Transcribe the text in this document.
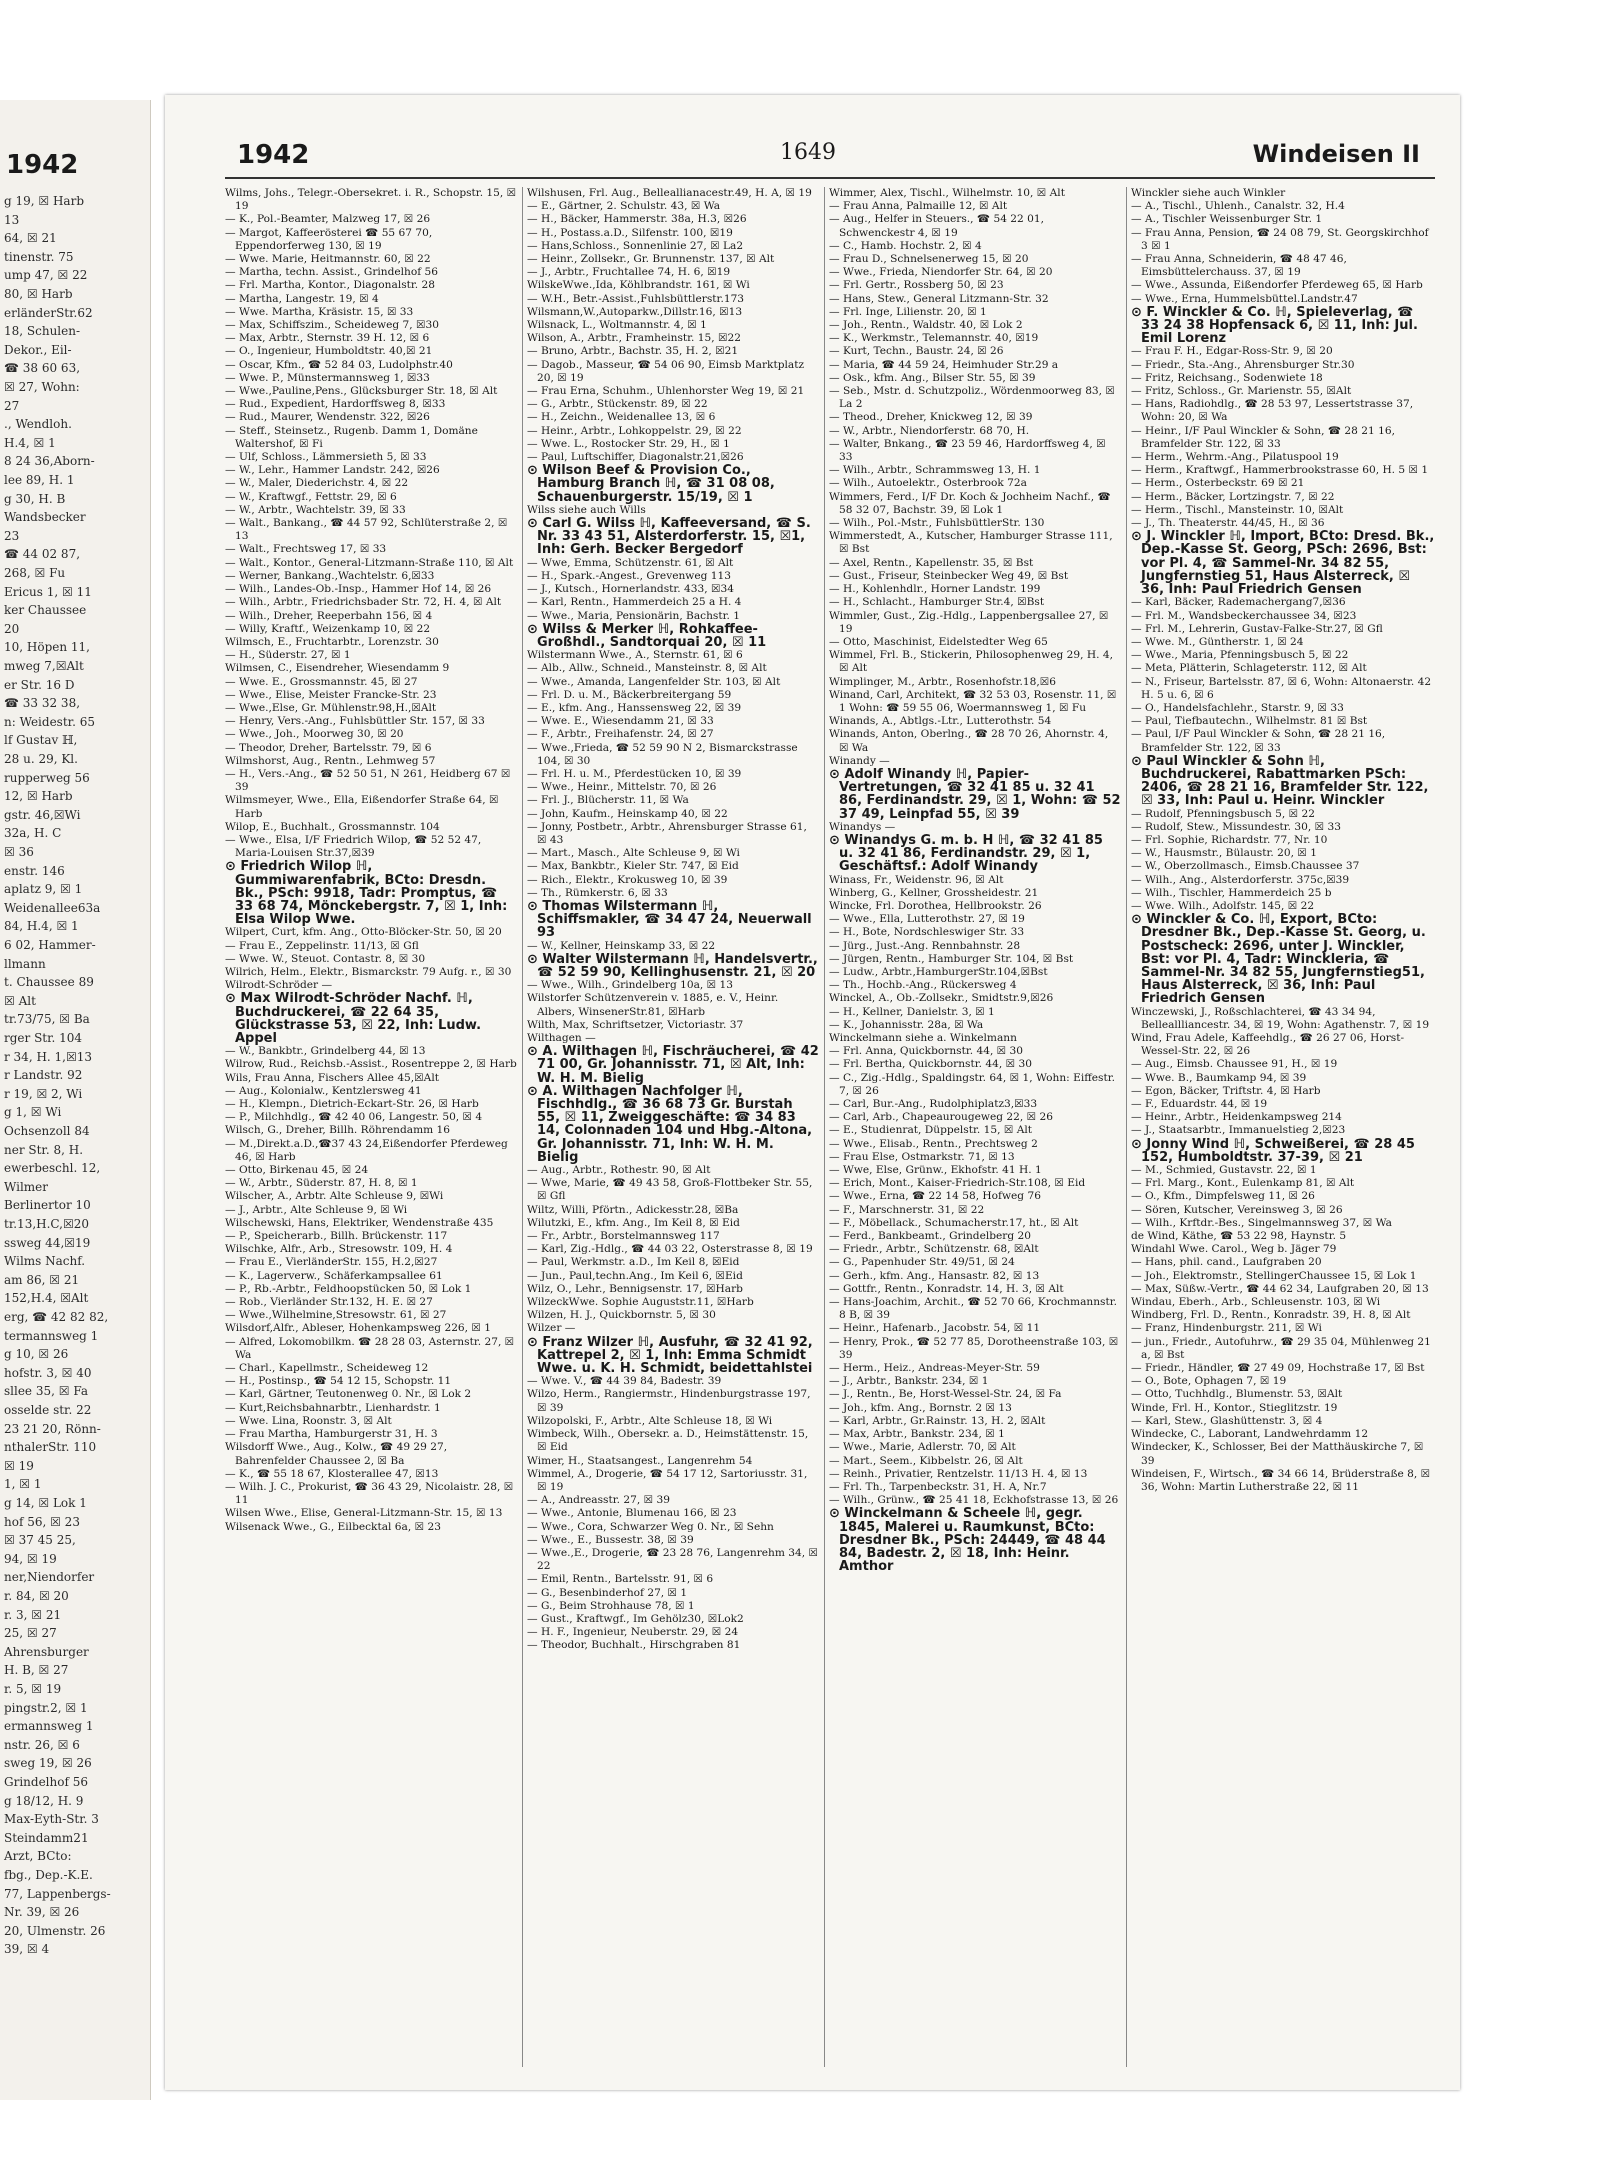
1942
g 19, ☒ Harb
13
64, ☒ 21
tinenstr. 75
ump 47, ☒ 22
80, ☒ Harb
erländerStr.62
18, Schulen-
Dekor., Eil-
☎ 38 60 63,
☒ 27, Wohn:
27
., Wendloh.
H.4, ☒ 1
8 24 36,Aborn-
lee 89, H. 1
g 30, H. B
Wandsbecker
23
☎ 44 02 87,
268, ☒ Fu
Ericus 1, ☒ 11
ker Chaussee
20
10, Höpen 11,
mweg 7,☒Alt
er Str. 16 D
☎ 33 32 38,
n: Weidestr. 65
lf Gustav ℍ,
28 u. 29, Kl.
rupperweg 56
12, ☒ Harb
gstr. 46,☒Wi
32a, H. C
☒ 36
enstr. 146
aplatz 9, ☒ 1
Weidenallee63a
84, H.4, ☒ 1
6 02, Hammer-
llmann
t. Chaussee 89
☒ Alt
tr.73/75, ☒ Ba
rger Str. 104
r 34, H. 1,☒13
r Landstr. 92
r 19, ☒ 2, Wi
g 1, ☒ Wi
Ochsenzoll 84
ner Str. 8, H.
ewerbeschl. 12,
Wilmer
Berlinertor 10
tr.13,H.C,☒20
ssweg 44,☒19
Wilms Nachf.
am 86, ☒ 21
152,H.4, ☒Alt
erg, ☎ 42 82 82,
termannsweg 1
g 10, ☒ 26
hofstr. 3, ☒ 40
sllee 35, ☒ Fa
osselde str. 22
23 21 20, Rönn-
nthalerStr. 110
☒ 19
1, ☒ 1
g 14, ☒ Lok 1
hof 56, ☒ 23
☒ 37 45 25,
94, ☒ 19
ner,Niendorfer
r. 84, ☒ 20
r. 3, ☒ 21
25, ☒ 27
Ahrensburger
H. B, ☒ 27
r. 5, ☒ 19
pingstr.2, ☒ 1
ermannsweg 1
nstr. 26, ☒ 6
sweg 19, ☒ 26
Grindelhof 56
g 18/12, H. 9
Max-Eyth-Str. 3
Steindamm21
Arzt, BCto:
fbg., Dep.-K.E.
77, Lappenbergs-
Nr. 39, ☒ 26
20, Ulmenstr. 26
39, ☒ 4
1942	1649	Windeisen II

Wilms, Johs., Telegr.-Obersekret. i. R., Schopstr. 15, ☒ 19

— K., Pol.-Beamter, Malzweg 17, ☒ 26

— Margot, Kaffeerösterei ☎ 55 67 70, Eppendorferweg 130, ☒ 19

— Wwe. Marie, Heitmannstr. 60, ☒ 22

— Martha, techn. Assist., Grindelhof 56

— Frl. Martha, Kontor., Diagonalstr. 28

— Martha, Langestr. 19, ☒ 4

— Wwe. Martha, Kräsistr. 15, ☒ 33

— Max, Schiffszim., Scheideweg 7, ☒30

— Max, Arbtr., Sternstr. 39 H. 12, ☒ 6

— O., Ingenieur, Humboldtstr. 40,☒ 21

— Oscar, Kfm., ☎ 52 84 03, Ludolphstr.40

— Wwe. P., Münstermannsweg 1, ☒33

— Wwe.,Pauline,Pens., Glücksburger Str. 18, ☒ Alt

— Rud., Expedient, Hardorffsweg 8, ☒33

— Rud., Maurer, Wendenstr. 322, ☒26

— Steff., Steinsetz., Rugenb. Damm 1, Domäne Waltershof, ☒ Fi

— Ulf, Schloss., Lämmersieth 5, ☒ 33

— W., Lehr., Hammer Landstr. 242, ☒26

— W., Maler, Diederichstr. 4, ☒ 22

— W., Kraftwgf., Fettstr. 29, ☒ 6

— W., Arbtr., Wachtelstr. 39, ☒ 33

— Walt., Bankang., ☎ 44 57 92, Schlüterstraße 2, ☒ 13

— Walt., Frechtsweg 17, ☒ 33

— Walt., Kontor., General-Litzmann-Straße 110, ☒ Alt

— Werner, Bankang.,Wachtelstr. 6,☒33

— Wilh., Landes-Ob.-Insp., Hammer Hof 14, ☒ 26

— Wilh., Arbtr., Friedrichsbader Str. 72, H. 4, ☒ Alt

— Wilh., Dreher, Reeperbahn 156, ☒ 4

— Willy, Kraftf., Weizenkamp 10, ☒ 22

Wilmsch, E., Fruchtarbtr., Lorenzstr. 30

— H., Süderstr. 27, ☒ 1

Wilmsen, C., Eisendreher, Wiesendamm 9

— Wwe. E., Grossmannstr. 45, ☒ 27

— Wwe., Elise, Meister Francke-Str. 23

— Wwe.,Else, Gr. Mühlenstr.98,H.,☒Alt

— Henry, Vers.-Ang., Fuhlsbüttler Str. 157, ☒ 33

— Wwe., Joh., Moorweg 30, ☒ 20

— Theodor, Dreher, Bartelsstr. 79, ☒ 6

Wilmshorst, Aug., Rentn., Lehmweg 57

— H., Vers.-Ang., ☎ 52 50 51, N 261, Heidberg 67 ☒ 39

Wilmsmeyer, Wwe., Ella, Eißendorfer Straße 64, ☒ Harb

Wilop, E., Buchhalt., Grossmannstr. 104

— Wwe., Elsa, I/F Friedrich Wilop, ☎ 52 52 47, Maria-Louisen Str.37,☒39

⊙ Friedrich Wilop ℍ, Gummiwarenfabrik, BCto: Dresdn. Bk., PSch: 9918, Tadr: Promptus, ☎ 33 68 74, Mönckebergstr. 7, ☒ 1, Inh: Elsa Wilop Wwe.

Wilpert, Curt, kfm. Ang., Otto-Blöcker-Str. 50, ☒ 20

— Frau E., Zeppelinstr. 11/13, ☒ Gfl

— Wwe. W., Steuot. Contastr. 8, ☒ 30

Wilrich, Helm., Elektr., Bismarckstr. 79 Aufg. r., ☒ 30

Wilrodt-Schröder —

⊙ Max Wilrodt-Schröder Nachf. ℍ, Buchdruckerei, ☎ 22 64 35, Glückstrasse 53, ☒ 22, Inh: Ludw. Appel

— W., Bankbtr., Grindelberg 44, ☒ 13

Wilrow, Rud., Reichsb.-Assist., Rosentreppe 2, ☒ Harb

Wils, Frau Anna, Fischers Allee 45,☒Alt

— Aug., Kolonialw., Kentzlersweg 41

— H., Klempn., Dietrich-Eckart-Str. 26, ☒ Harb

— P., Milchhdlg., ☎ 42 40 06, Langestr. 50, ☒ 4

Wilsch, G., Dreher, Billh. Röhrendamm 16

— M.,Direkt.a.D.,☎37 43 24,Eißendorfer Pferdeweg 46, ☒ Harb

— Otto, Birkenau 45, ☒ 24

— W., Arbtr., Süderstr. 87, H. 8, ☒ 1

Wilscher, A., Arbtr. Alte Schleuse 9, ☒Wi

— J., Arbtr., Alte Schleuse 9, ☒ Wi

Wilschewski, Hans, Elektriker, Wendenstraße 435

— P., Speicherarb., Billh. Brückenstr. 117

Wilschke, Alfr., Arb., Stresowstr. 109, H. 4

— Frau E., VierländerStr. 155, H.2,☒27

— K., Lagerverw., Schäferkampsallee 61

— P., Rb.-Arbtr., Feldhoopstücken 50, ☒ Lok 1

— Rob., Vierländer Str.132, H. E. ☒ 27

— Wwe.,Wilhelmine,Stresowstr. 61, ☒ 27

Wilsdorf,Alfr., Ableser, Hohenkampsweg 226, ☒ 1

— Alfred, Lokomobilkm. ☎ 28 28 03, Asternstr. 27, ☒ Wa

— Charl., Kapellmstr., Scheideweg 12

— H., Postinsp., ☎ 54 12 15, Schopstr. 11

— Karl, Gärtner, Teutonenweg 0. Nr., ☒ Lok 2

— Kurt,Reichsbahnarbtr., Lienhardstr. 1

— Wwe. Lina, Roonstr. 3, ☒ Alt

— Frau Martha, Hamburgerstr 31, H. 3

Wilsdorff Wwe., Aug., Kolw., ☎ 49 29 27, Bahrenfelder Chaussee 2, ☒ Ba

— K., ☎ 55 18 67, Klosterallee 47, ☒13

— Wilh. J. C., Prokurist, ☎ 36 43 29, Nicolaistr. 28, ☒ 11

Wilsen Wwe., Elise, General-Litzmann-Str. 15, ☒ 13

Wilsenack Wwe., G., Eilbecktal 6a, ☒ 23

Wilshusen, Frl. Aug., Belleallianacestr.49, H. A, ☒ 19

— E., Gärtner, 2. Schulstr. 43, ☒ Wa

— H., Bäcker, Hammerstr. 38a, H.3, ☒26

— H., Postass.a.D., Silfenstr. 100, ☒19

— Hans,Schloss., Sonnenlinie 27, ☒ La2

— Heinr., Zollsekr., Gr. Brunnenstr. 137, ☒ Alt

— J., Arbtr., Fruchtallee 74, H. 6, ☒19

WilskeWwe.,Ida, Köhlbrandstr. 161, ☒ Wi

— W.H., Betr.-Assist.,Fuhlsbüttlerstr.173

Wilsmann,W.,Autoparkw.,Dillstr.16, ☒13

Wilsnack, L., Woltmannstr. 4, ☒ 1

Wilson, A., Arbtr., Framheinstr. 15, ☒22

— Bruno, Arbtr., Bachstr. 35, H. 2, ☒21

— Dagob., Masseur, ☎ 54 06 90, Eimsb Marktplatz 20, ☒ 19

— Frau Erna, Schuhm., Uhlenhorster Weg 19, ☒ 21

— G., Arbtr., Stückenstr. 89, ☒ 22

— H., Zeichn., Weidenallee 13, ☒ 6

— Heinr., Arbtr., Lohkoppelstr. 29, ☒ 22

— Wwe. L., Rostocker Str. 29, H., ☒ 1

— Paul, Luftschiffer, Diagonalstr.21,☒26

⊙ Wilson Beef & Provision Co., Hamburg Branch ℍ, ☎ 31 08 08, Schauenburgerstr. 15/19, ☒ 1

Wilss siehe auch Wills

⊙ Carl G. Wilss ℍ, Kaffeeversand, ☎ S. Nr. 33 43 51, Alsterdorferstr. 15, ☒1, Inh: Gerh. Becker Bergedorf

— Wwe, Emma, Schützenstr. 61, ☒ Alt

— H., Spark.-Angest., Grevenweg 113

— J., Kutsch., Hornerlandstr. 433, ☒34

— Karl, Rentn., Hammerdeich 25 a H. 4

— Wwe., Maria, Pensionärin, Bachstr. 1

⊙ Wilss & Merker ℍ, Rohkaffee-Großhdl., Sandtorquai 20, ☒ 11

Wilstermann Wwe., A., Sternstr. 61, ☒ 6

— Alb., Allw., Schneid., Mansteinstr. 8, ☒ Alt

— Wwe., Amanda, Langenfelder Str. 103, ☒ Alt

— Frl. D. u. M., Bäckerbreitergang 59

— E., kfm. Ang., Hanssensweg 22, ☒ 39

— Wwe. E., Wiesendamm 21, ☒ 33

— F., Arbtr., Freihafenstr. 24, ☒ 27

— Wwe.,Frieda, ☎ 52 59 90 N 2, Bismarckstrasse 104, ☒ 30

— Frl. H. u. M., Pferdestücken 10, ☒ 39

— Wwe., Heinr., Mittelstr. 70, ☒ 26

— Frl. J., Blücherstr. 11, ☒ Wa

— John, Kaufm., Heinskamp 40, ☒ 22

— Jonny, Postbetr., Arbtr., Ahrensburger Strasse 61, ☒ 43

— Mart., Masch., Alte Schleuse 9, ☒ Wi

— Max, Bankbtr., Kieler Str. 747, ☒ Eid

— Rich., Elektr., Krokusweg 10, ☒ 39

— Th., Rümkerstr. 6, ☒ 33

⊙ Thomas Wilstermann ℍ, Schiffsmakler, ☎ 34 47 24, Neuerwall 93

— W., Kellner, Heinskamp 33, ☒ 22

⊙ Walter Wilstermann ℍ, Handelsvertr., ☎ 52 59 90, Kellinghusenstr. 21, ☒ 20

— Wwe., Wilh., Grindelberg 10a, ☒ 13

Wilstorfer Schützenverein v. 1885, e. V., Heinr. Albers, WinsenerStr.81, ☒Harb

Wilth, Max, Schriftsetzer, Victoriastr. 37

Wilthagen —

⊙ A. Wilthagen ℍ, Fischräucherei, ☎ 42 71 00, Gr. Johannisstr. 71, ☒ Alt, Inh: W. H. M. Bielig

⊙ A. Wilthagen Nachfolger ℍ, Fischhdlg., ☎ 36 68 73 Gr. Burstah 55, ☒ 11, Zweiggeschäfte: ☎ 34 83 14, Colonnaden 104 und Hbg.-Altona, Gr. Johannisstr. 71, Inh: W. H. M. Bielig

— Aug., Arbtr., Rothestr. 90, ☒ Alt

— Wwe, Marie, ☎ 49 43 58, Groß-Flottbeker Str. 55, ☒ Gfl

Wiltz, Willi, Pförtn., Adickesstr.28, ☒Ba

Wilutzki, E., kfm. Ang., Im Keil 8, ☒ Eid

— Fr., Arbtr., Borstelmannsweg 117

— Karl, Zig.-Hdlg., ☎ 44 03 22, Osterstrasse 8, ☒ 19

— Paul, Werkmstr. a.D., Im Keil 8, ☒Eid

— Jun., Paul,techn.Ang., Im Keil 6, ☒Eid

Wilz, O., Lehr., Bennigsenstr. 17, ☒Harb

WilzeckWwe. Sophie Auguststr.11, ☒Harb

Wilzen, H. J., Quickbornstr. 5, ☒ 30

Wilzer —

⊙ Franz Wilzer ℍ, Ausfuhr, ☎ 32 41 92, Kattrepel 2, ☒ 1, Inh: Emma Schmidt Wwe. u. K. H. Schmidt, beidettahlstei

— Wwe. V., ☎ 44 39 84, Badestr. 39

Wilzo, Herm., Rangiermstr., Hindenburgstrasse 197, ☒ 39

Wilzopolski, F., Arbtr., Alte Schleuse 18, ☒ Wi

Wimbeck, Wilh., Obersekr. a. D., Heimstättenstr. 15, ☒ Eid

Wimer, H., Staatsangest., Langenrehm 54

Wimmel, A., Drogerie, ☎ 54 17 12, Sartoriusstr. 31, ☒ 19

— A., Andreasstr. 27, ☒ 39

— Wwe., Antonie, Blumenau 166, ☒ 23

— Wwe., Cora, Schwarzer Weg 0. Nr., ☒ Sehn

— Wwe., E., Bussestr. 38, ☒ 39

— Wwe.,E., Drogerie, ☎ 23 28 76, Langenrehm 34, ☒ 22

— Emil, Rentn., Bartelsstr. 91, ☒ 6

— G., Besenbinderhof 27, ☒ 1

— G., Beim Strohhause 78, ☒ 1

— Gust., Kraftwgf., Im Gehölz30, ☒Lok2

— H. F., Ingenieur, Neuberstr. 29, ☒ 24

— Theodor, Buchhalt., Hirschgraben 81

Wimmer, Alex, Tischl., Wilhelmstr. 10, ☒ Alt

— Frau Anna, Palmaille 12, ☒ Alt

— Aug., Helfer in Steuers., ☎ 54 22 01, Schwenckestr 4, ☒ 19

— C., Hamb. Hochstr. 2, ☒ 4

— Frau D., Schnelsenerweg 15, ☒ 20

— Wwe., Frieda, Niendorfer Str. 64, ☒ 20

— Frl. Gertr., Rossberg 50, ☒ 23

— Hans, Stew., General Litzmann-Str. 32

— Frl. Inge, Lilienstr. 20, ☒ 1

— Joh., Rentn., Waldstr. 40, ☒ Lok 2

— K., Werkmstr., Telemannstr. 40, ☒19

— Kurt, Techn., Baustr. 24, ☒ 26

— Maria, ☎ 44 59 24, Heimhuder Str.29 a

— Osk., kfm. Ang., Bilser Str. 55, ☒ 39

— Seb., Mstr. d. Schutzpoliz., Wördenmoorweg 83, ☒ La 2

— Theod., Dreher, Knickweg 12, ☒ 39

— W., Arbtr., Niendorferstr. 68 70, H.

— Walter, Bnkang., ☎ 23 59 46, Hardorffsweg 4, ☒ 33

— Wilh., Arbtr., Schrammsweg 13, H. 1

— Wilh., Autoelektr., Osterbrook 72a

Wimmers, Ferd., I/F Dr. Koch & Jochheim Nachf., ☎ 58 32 07, Bachstr. 39, ☒ Lok 1

— Wilh., Pol.-Mstr., FuhlsbüttlerStr. 130

Wimmerstedt, A., Kutscher, Hamburger Strasse 111, ☒ Bst

— Axel, Rentn., Kapellenstr. 35, ☒ Bst

— Gust., Friseur, Steinbecker Weg 49, ☒ Bst

— H., Kohlenhdlr., Horner Landstr. 199

— H., Schlacht., Hamburger Str.4, ☒Bst

Wimmler, Gust., Zig.-Hdlg., Lappenbergsallee 27, ☒ 19

— Otto, Maschinist, Eidelstedter Weg 65

Wimmel, Frl. B., Stickerin, Philosophenweg 29, H. 4, ☒ Alt

Wimplinger, M., Arbtr., Rosenhofstr.18,☒6

Winand, Carl, Architekt, ☎ 32 53 03, Rosenstr. 11, ☒ 1 Wohn: ☎ 59 55 06, Woermannsweg 1, ☒ Fu

Winands, A., Abtlgs.-Ltr., Lutterothstr. 54

Winands, Anton, Oberlng., ☎ 28 70 26, Ahornstr. 4, ☒ Wa

Winandy —

⊙ Adolf Winandy ℍ, Papier-Vertretungen, ☎ 32 41 85 u. 32 41 86, Ferdinandstr. 29, ☒ 1, Wohn: ☎ 52 37 49, Leinpfad 55, ☒ 39

Winandys —

⊙ Winandys G. m. b. H ℍ, ☎ 32 41 85 u. 32 41 86, Ferdinandstr. 29, ☒ 1, Geschäftsf.: Adolf Winandy

Winass, Fr., Weidenstr. 96, ☒ Alt

Winberg, G., Kellner, Grossheidestr. 21

Wincke, Frl. Dorothea, Hellbrookstr. 26

— Wwe., Ella, Lutterothstr. 27, ☒ 19

— H., Bote, Nordschleswiger Str. 33

— Jürg., Just.-Ang. Rennbahnstr. 28

— Jürgen, Rentn., Hamburger Str. 104, ☒ Bst

— Ludw., Arbtr.,HamburgerStr.104,☒Bst

— Th., Hochb.-Ang., Rückersweg 4

Winckel, A., Ob.-Zollsekr., Smidtstr.9,☒26

— H., Kellner, Danielstr. 3, ☒ 1

— K., Johannisstr. 28a, ☒ Wa

Winckelmann siehe a. Winkelmann

— Frl. Anna, Quickbornstr. 44, ☒ 30

— Frl. Bertha, Quickbornstr. 44, ☒ 30

— C., Zig.-Hdlg., Spaldingstr. 64, ☒ 1, Wohn: Eiffestr. 7, ☒ 26

— Carl, Bur.-Ang., Rudolphiplatz3,☒33

— Carl, Arb., Chapeaurougeweg 22, ☒ 26

— E., Studienrat, Düppelstr. 15, ☒ Alt

— Wwe., Elisab., Rentn., Prechtsweg 2

— Frau Else, Ostmarkstr. 71, ☒ 13

— Wwe, Else, Grünw., Ekhofstr. 41 H. 1

— Erich, Mont., Kaiser-Friedrich-Str.108, ☒ Eid

— Wwe., Erna, ☎ 22 14 58, Hofweg 76

— F., Marschnerstr. 31, ☒ 22

— F., Möbellack., Schumacherstr.17, ht., ☒ Alt

— Ferd., Bankbeamt., Grindelberg 20

— Friedr., Arbtr., Schützenstr. 68, ☒Alt

— G., Papenhuder Str. 49/51, ☒ 24

— Gerh., kfm. Ang., Hansastr. 82, ☒ 13

— Gottfr., Rentn., Konradstr. 14, H. 3, ☒ Alt

— Hans-Joachim, Archit., ☎ 52 70 66, Krochmannstr. 8 B, ☒ 39

— Heinr., Hafenarb., Jacobstr. 54, ☒ 11

— Henry, Prok., ☎ 52 77 85, Dorotheenstraße 103, ☒ 39

— Herm., Heiz., Andreas-Meyer-Str. 59

— J., Arbtr., Bankstr. 234, ☒ 1

— J., Rentn., Be, Horst-Wessel-Str. 24, ☒ Fa

— Joh., kfm. Ang., Bornstr. 2 ☒ 13

— Karl, Arbtr., Gr.Rainstr. 13, H. 2, ☒Alt

— Max, Arbtr., Bankstr. 234, ☒ 1

— Wwe., Marie, Adlerstr. 70, ☒ Alt

— Mart., Seem., Kibbelstr. 26, ☒ Alt

— Reinh., Privatier, Rentzelstr. 11/13 H. 4, ☒ 13

— Frl. Th., Tarpenbeckstr. 31, H. A, Nr.7

— Wilh., Grünw., ☎ 25 41 18, Eckhofstrasse 13, ☒ 26

⊙ Winckelmann & Scheele ℍ, gegr. 1845, Malerei u. Raumkunst, BCto: Dresdner Bk., PSch: 24449, ☎ 48 44 84, Badestr. 2, ☒ 18, Inh: Heinr. Amthor

Winckler siehe auch Winkler

— A., Tischl., Uhlenh., Canalstr. 32, H.4

— A., Tischler Weissenburger Str. 1

— Frau Anna, Pension, ☎ 24 08 79, St. Georgskirchhof 3 ☒ 1

— Frau Anna, Schneiderin, ☎ 48 47 46, Eimsbüttelerchauss. 37, ☒ 19

— Wwe., Assunda, Eißendorfer Pferdeweg 65, ☒ Harb

— Wwe., Erna, Hummelsbüttel.Landstr.47

⊙ F. Winckler & Co. ℍ, Spieleverlag, ☎ 33 24 38 Hopfensack 6, ☒ 11, Inh: Jul. Emil Lorenz

— Frau F. H., Edgar-Ross-Str. 9, ☒ 20

— Friedr., Sta.-Ang., Ahrensburger Str.30

— Fritz, Reichsang., Sodenwiete 18

— Fritz, Schloss., Gr. Marienstr. 55, ☒Alt

— Hans, Radiohdlg., ☎ 28 53 97, Lessertstrasse 37, Wohn: 20, ☒ Wa

— Heinr., I/F Paul Winckler & Sohn, ☎ 28 21 16, Bramfelder Str. 122, ☒ 33

— Herm., Wehrm.-Ang., Pilatuspool 19

— Herm., Kraftwgf., Hammerbrookstrasse 60, H. 5 ☒ 1

— Herm., Osterbeckstr. 69 ☒ 21

— Herm., Bäcker, Lortzingstr. 7, ☒ 22

— Herm., Tischl., Mansteinstr. 10, ☒Alt

— J., Th. Theaterstr. 44/45, H., ☒ 36

⊙ J. Winckler ℍ, Import, BCto: Dresd. Bk., Dep.-Kasse St. Georg, PSch: 2696, Bst: vor Pl. 4, ☎ Sammel-Nr. 34 82 55, Jungfernstieg 51, Haus Alsterreck, ☒ 36, Inh: Paul Friedrich Gensen

— Karl, Bäcker, Rademachergang7,☒36

— Frl. M., Wandsbeckerchaussee 34, ☒23

— Frl. M., Lehrerin, Gustav-Falke-Str.27, ☒ Gfl

— Wwe. M., Güntherstr. 1, ☒ 24

— Wwe., Maria, Pfenningsbusch 5, ☒ 22

— Meta, Plätterin, Schlageterstr. 112, ☒ Alt

— N., Friseur, Bartelsstr. 87, ☒ 6, Wohn: Altonaerstr. 42 H. 5 u. 6, ☒ 6

— O., Handelsfachlehr., Starstr. 9, ☒ 33

— Paul, Tiefbautechn., Wilhelmstr. 81 ☒ Bst

— Paul, I/F Paul Winckler & Sohn, ☎ 28 21 16, Bramfelder Str. 122, ☒ 33

⊙ Paul Winckler & Sohn ℍ, Buchdruckerei, Rabattmarken PSch: 2406, ☎ 28 21 16, Bramfelder Str. 122, ☒ 33, Inh: Paul u. Heinr. Winckler

— Rudolf, Pfenningsbusch 5, ☒ 22

— Rudolf, Stew., Missundestr. 30, ☒ 33

— Frl. Sophie, Richardstr. 77, Nr. 10

— W., Hausmstr., Bülaustr. 20, ☒ 1

— W., Oberzollmasch., Eimsb.Chaussee 37

— Wilh., Ang., Alsterdorferstr. 375c,☒39

— Wilh., Tischler, Hammerdeich 25 b

— Wwe. Wilh., Adolfstr. 145, ☒ 22

⊙ Winckler & Co. ℍ, Export, BCto: Dresdner Bk., Dep.-Kasse St. Georg, u. Postscheck: 2696, unter J. Winckler, Bst: vor Pl. 4, Tadr: Winckleria, ☎ Sammel-Nr. 34 82 55, Jungfernstieg51, Haus Alsterreck, ☒ 36, Inh: Paul Friedrich Gensen

Winczewski, J., Roßschlachterei, ☎ 43 34 94, Belleallliancestr. 34, ☒ 19, Wohn: Agathenstr. 7, ☒ 19

Wind, Frau Adele, Kaffeehdlg., ☎ 26 27 06, Horst-Wessel-Str. 22, ☒ 26

— Aug., Eimsb. Chaussee 91, H., ☒ 19

— Wwe. B., Baumkamp 94, ☒ 39

— Egon, Bäcker, Triftstr. 4, ☒ Harb

— F., Eduardstr. 44, ☒ 19

— Heinr., Arbtr., Heidenkampsweg 214

— J., Staatsarbtr., Immanuelstieg 2,☒23

⊙ Jonny Wind ℍ, Schweißerei, ☎ 28 45 152, Humboldtstr. 37-39, ☒ 21

— M., Schmied, Gustavstr. 22, ☒ 1

— Frl. Marg., Kont., Eulenkamp 81, ☒ Alt

— O., Kfm., Dimpfelsweg 11, ☒ 26

— Sören, Kutscher, Vereinsweg 3, ☒ 26

— Wilh., Krftdr.-Bes., Singelmannsweg 37, ☒ Wa

de Wind, Käthe, ☎ 53 22 98, Haynstr. 5

Windahl Wwe. Carol., Weg b. Jäger 79

— Hans, phil. cand., Laufgraben 20

— Joh., Elektromstr., StellingerChaussee 15, ☒ Lok 1

— Max, Süßw.-Vertr., ☎ 44 62 34, Laufgraben 20, ☒ 13

Windau, Eberh., Arb., Schleusenstr. 103, ☒ Wi

Windberg, Frl. D., Rentn., Konradstr. 39, H. 8, ☒ Alt

— Franz, Hindenburgstr. 211, ☒ Wi

— jun., Friedr., Autofuhrw., ☎ 29 35 04, Mühlenweg 21 a, ☒ Bst

— Friedr., Händler, ☎ 27 49 09, Hochstraße 17, ☒ Bst

— O., Bote, Ophagen 7, ☒ 19

— Otto, Tuchhdlg., Blumenstr. 53, ☒Alt

Winde, Frl. H., Kontor., Stieglitzstr. 19

— Karl, Stew., Glashüttenstr. 3, ☒ 4

Windecke, C., Laborant, Landwehrdamm 12

Windecker, K., Schlosser, Bei der Matthäuskirche 7, ☒ 39

Windeisen, F., Wirtsch., ☎ 34 66 14, Brüderstraße 8, ☒ 36, Wohn: Martin Lutherstraße 22, ☒ 11
